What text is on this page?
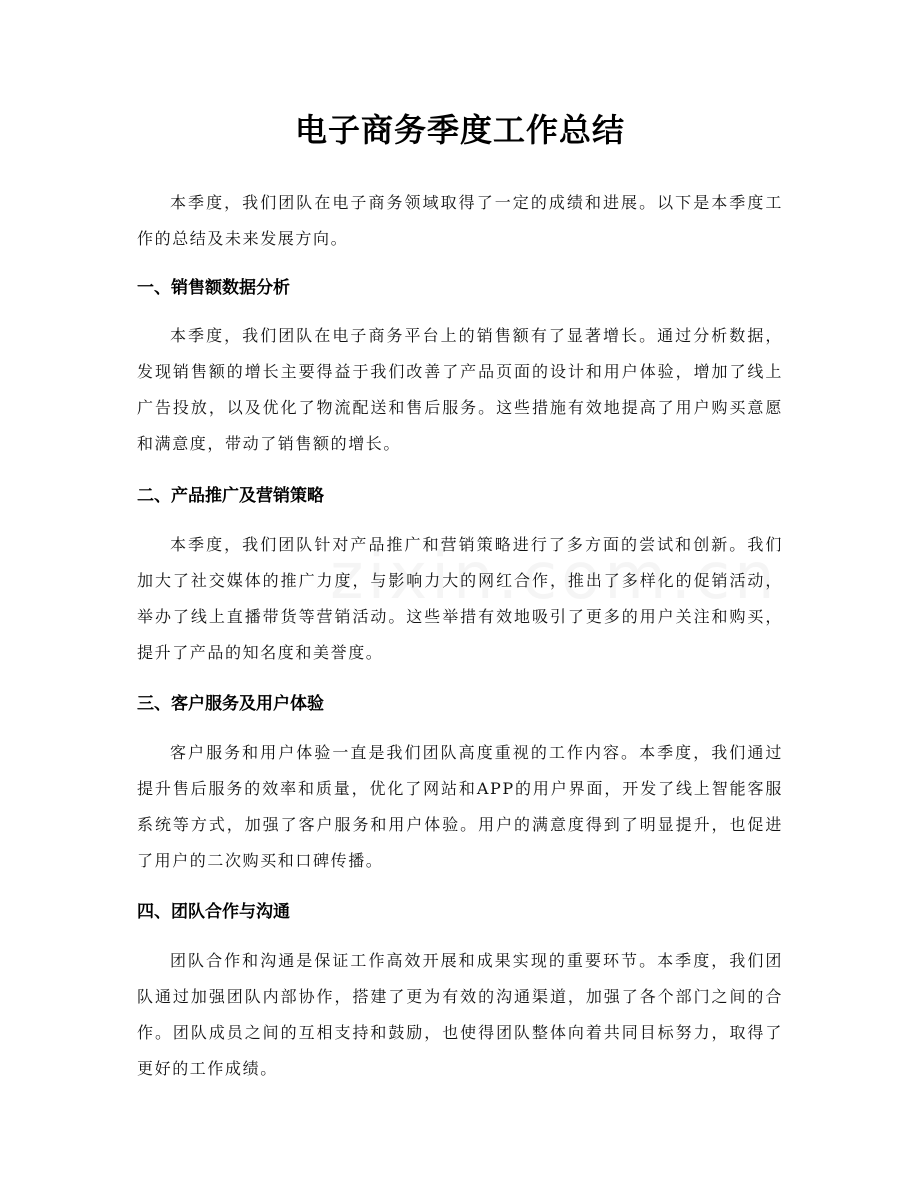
电子商务季度工作总结

本季度，我们团队在电子商务领域取得了一定的成绩和进展。以下是本季度工作的总结及未来发展方向。

一、销售额数据分析

本季度，我们团队在电子商务平台上的销售额有了显著增长。通过分析数据，发现销售额的增长主要得益于我们改善了产品页面的设计和用户体验，增加了线上广告投放，以及优化了物流配送和售后服务。这些措施有效地提高了用户购买意愿和满意度，带动了销售额的增长。

二、产品推广及营销策略

本季度，我们团队针对产品推广和营销策略进行了多方面的尝试和创新。我们加大了社交媒体的推广力度，与影响力大的网红合作，推出了多样化的促销活动，举办了线上直播带货等营销活动。这些举措有效地吸引了更多的用户关注和购买，提升了产品的知名度和美誉度。

三、客户服务及用户体验

客户服务和用户体验一直是我们团队高度重视的工作内容。本季度，我们通过提升售后服务的效率和质量，优化了网站和APP的用户界面，开发了线上智能客服系统等方式，加强了客户服务和用户体验。用户的满意度得到了明显提升，也促进了用户的二次购买和口碑传播。

四、团队合作与沟通

团队合作和沟通是保证工作高效开展和成果实现的重要环节。本季度，我们团队通过加强团队内部协作，搭建了更为有效的沟通渠道，加强了各个部门之间的合作。团队成员之间的互相支持和鼓励，也使得团队整体向着共同目标努力，取得了更好的工作成绩。
